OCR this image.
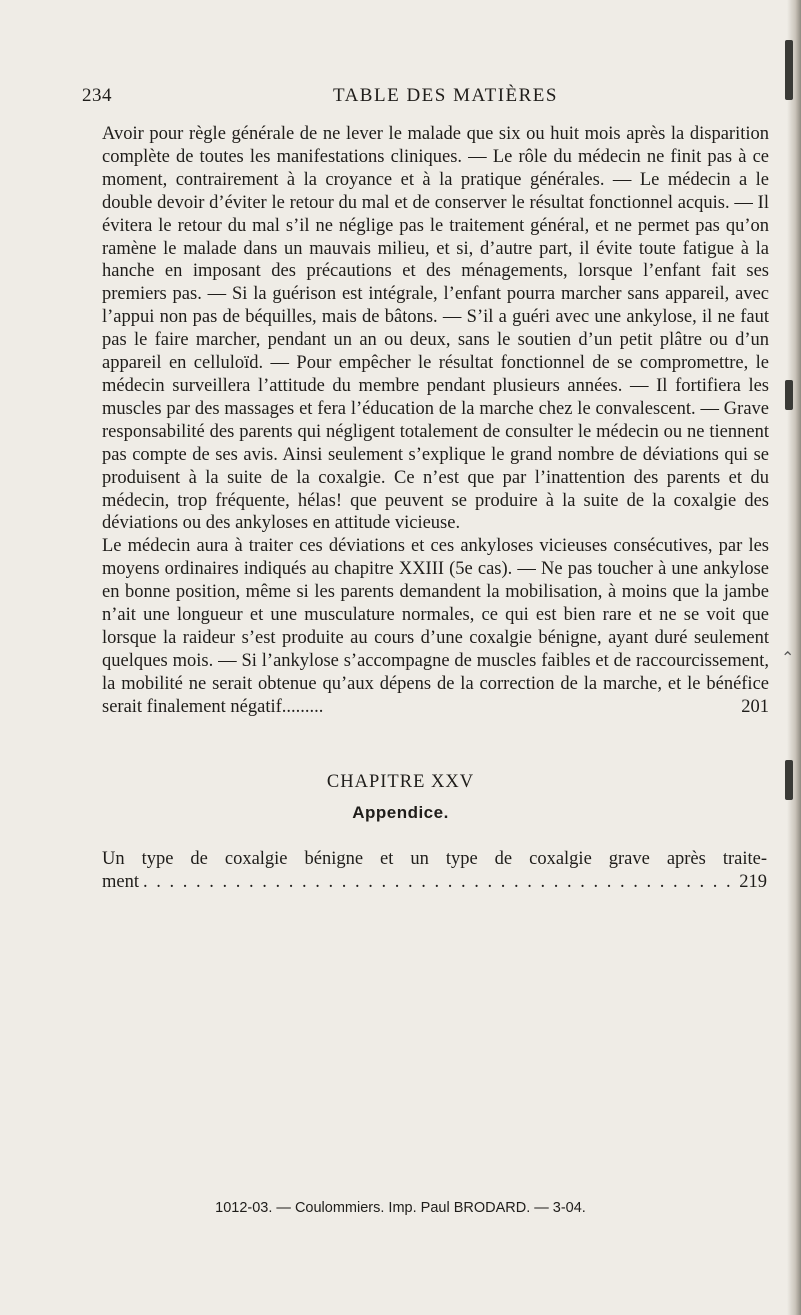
234	TABLE DES MATIÈRES

Avoir pour règle générale de ne lever le malade que six ou huit mois après la disparition complète de toutes les manifestations cliniques. — Le rôle du médecin ne finit pas à ce moment, contrairement à la croyance et à la pratique générales. — Le médecin a le double devoir d’éviter le retour du mal et de conserver le résultat fonctionnel acquis. — Il évitera le retour du mal s’il ne néglige pas le traitement général, et ne permet pas qu’on ramène le malade dans un mauvais milieu, et si, d’autre part, il évite toute fatigue à la hanche en imposant des précautions et des ménagements, lorsque l’enfant fait ses premiers pas. — Si la guérison est intégrale, l’enfant pourra marcher sans appareil, avec l’appui non pas de béquilles, mais de bâtons. — S’il a guéri avec une ankylose, il ne faut pas le faire marcher, pendant un an ou deux, sans le soutien d’un petit plâtre ou d’un appareil en celluloïd. — Pour empêcher le résultat fonctionnel de se compromettre, le médecin surveillera l’attitude du membre pendant plusieurs années. — Il fortifiera les muscles par des massages et fera l’éducation de la marche chez le convalescent. — Grave responsabilité des parents qui négligent totalement de consulter le médecin ou ne tiennent pas compte de ses avis. Ainsi seulement s’explique le grand nombre de déviations qui se produisent à la suite de la coxalgie. Ce n’est que par l’inattention des parents et du médecin, trop fréquente, hélas! que peuvent se produire à la suite de la coxalgie des déviations ou des ankyloses en attitude vicieuse.

Le médecin aura à traiter ces déviations et ces ankyloses vicieuses consécutives, par les moyens ordinaires indiqués au chapitre XXIII (5e cas). — Ne pas toucher à une ankylose en bonne position, même si les parents demandent la mobilisation, à moins que la jambe n’ait une longueur et une musculature normales, ce qui est bien rare et ne se voit que lorsque la raideur s’est produite au cours d’une coxalgie bénigne, ayant duré seulement quelques mois. — Si l’ankylose s’accompagne de muscles faibles et de raccourcissement, la mobilité ne serait obtenue qu’aux dépens de la correction de la marche, et le bénéfice serait finalement négatif.........	201

CHAPITRE XXV
Appendice.
Un type de coxalgie bénigne et un type de coxalgie grave après traite-
ment
. . .	219
1012-03. — Coulommiers. Imp. Paul BRODARD. — 3-04.
⌃
